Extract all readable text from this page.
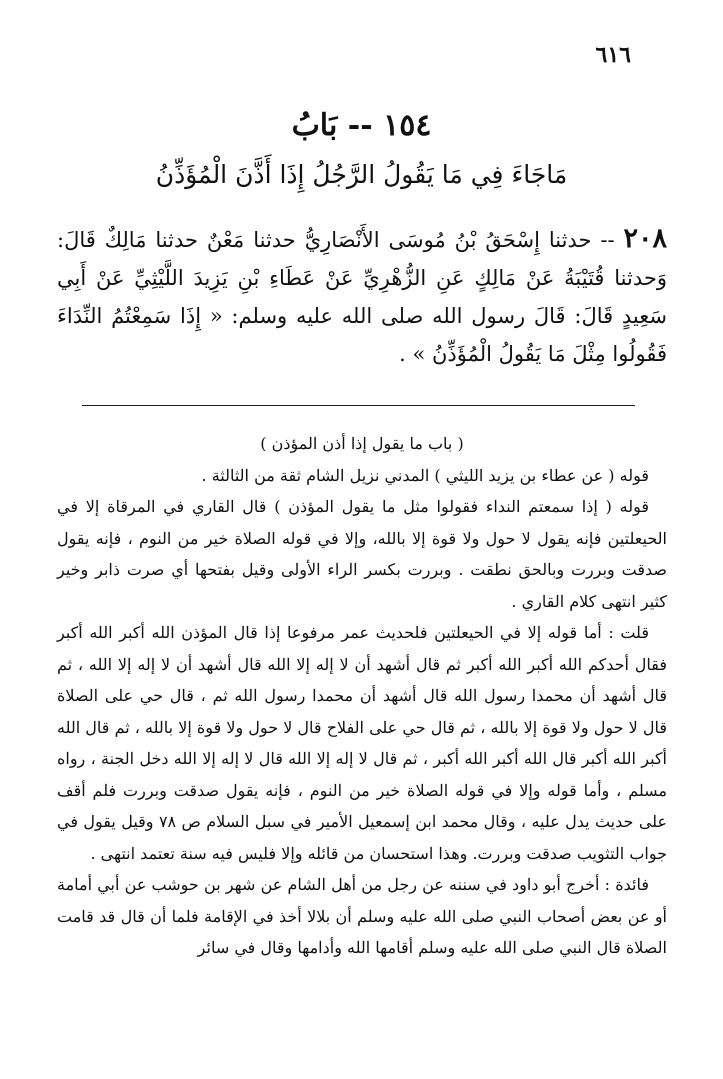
٦١٦
١٥٤ -- بَابُ
مَاجَاءَ فِي مَا يَقُولُ الرَّجُلُ إِذَا أَذَّنَ الْمُؤَذِّنُ
٢٠٨ -- حدثنا إِسْحَقُ بْنُ مُوسَى الأَنْصَارِيُّ حدثنا مَعْنٌ حدثنا مَالِكٌ قَالَ: وَحدثنا قُتَيْبَةُ عَنْ مَالِكٍ عَنِ الزُّهْرِيِّ عَنْ عَطَاءِ بْنِ يَزِيدَ اللَّيْثِيِّ عَنْ أَبِي سَعِيدٍ قَالَ: قَالَ رسول الله صلى الله عليه وسلم: « إِذَا سَمِعْتُمُ النِّدَاءَ فَقُولُوا مِثْلَ مَا يَقُولُ الْمُؤَذِّنُ » .

( باب ما يقول إذا أذن المؤذن )

قوله ( عن عطاء بن يزيد الليثي ) المدني نزيل الشام ثقة من الثالثة .

قوله ( إذا سمعتم النداء فقولوا مثل ما يقول المؤذن ) قال القاري في المرقاة إلا في الحيعلتين فإنه يقول لا حول ولا قوة إلا بالله، وإلا في قوله الصلاة خير من النوم ، فإنه يقول صدقت وبررت وبالحق نطقت . وبررت بكسر الراء الأولى وقيل بفتحها أي صرت ذابر وخير كثير انتهى كلام القاري .

قلت : أما قوله إلا في الحيعلتين فلحديث عمر مرفوعا إذا قال المؤذن الله أكبر الله أكبر فقال أحدكم الله أكبر الله أكبر ثم قال أشهد أن لا إله إلا الله قال أشهد أن لا إله إلا الله ، ثم قال أشهد أن محمدا رسول الله قال أشهد أن محمدا رسول الله ثم ، قال حي على الصلاة قال لا حول ولا قوة إلا بالله ، ثم قال حي على الفلاح قال لا حول ولا قوة إلا بالله ، ثم قال الله أكبر الله أكبر قال الله أكبر الله أكبر ، ثم قال لا إله إلا الله قال لا إله إلا الله دخل الجنة ، رواه مسلم ، وأما قوله وإلا في قوله الصلاة خير من النوم ، فإنه يقول صدقت وبررت فلم أقف على حديث يدل عليه ، وقال محمد ابن إسمعيل الأمير في سبل السلام ص ٧٨ وقيل يقول في جواب التثويب صدقت وبررت. وهذا استحسان من قائله وإلا فليس فيه سنة تعتمد انتهى .

فائدة : أخرج أبو داود في سننه عن رجل من أهل الشام عن شهر بن حوشب عن أبي أمامة أو عن بعض أصحاب النبي صلى الله عليه وسلم أن بلالا أخذ في الإقامة فلما أن قال قد قامت الصلاة قال النبي صلى الله عليه وسلم أقامها الله وأدامها وقال في سائر
